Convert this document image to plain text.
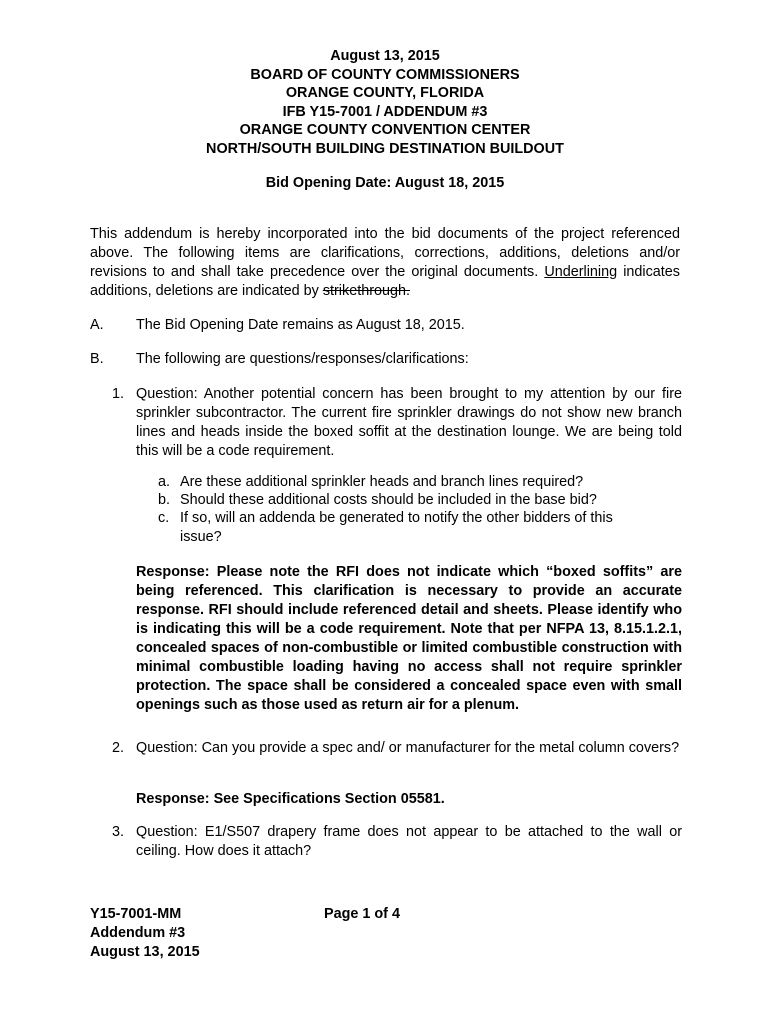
August 13, 2015
BOARD OF COUNTY COMMISSIONERS
ORANGE COUNTY, FLORIDA
IFB Y15-7001 / ADDENDUM #3
ORANGE COUNTY CONVENTION CENTER
NORTH/SOUTH BUILDING DESTINATION BUILDOUT
Bid Opening Date: August 18, 2015
This addendum is hereby incorporated into the bid documents of the project referenced above. The following items are clarifications, corrections, additions, deletions and/or revisions to and shall take precedence over the original documents. Underlining indicates additions, deletions are indicated by strikethrough.
A. The Bid Opening Date remains as August 18, 2015.
B. The following are questions/responses/clarifications:
1. Question: Another potential concern has been brought to my attention by our fire sprinkler subcontractor. The current fire sprinkler drawings do not show new branch lines and heads inside the boxed soffit at the destination lounge. We are being told this will be a code requirement.
a. Are these additional sprinkler heads and branch lines required?
b. Should these additional costs should be included in the base bid?
c. If so, will an addenda be generated to notify the other bidders of this issue?
Response: Please note the RFI does not indicate which “boxed soffits” are being referenced. This clarification is necessary to provide an accurate response. RFI should include referenced detail and sheets. Please identify who is indicating this will be a code requirement. Note that per NFPA 13, 8.15.1.2.1, concealed spaces of non-combustible or limited combustible construction with minimal combustible loading having no access shall not require sprinkler protection. The space shall be considered a concealed space even with small openings such as those used as return air for a plenum.
2. Question: Can you provide a spec and/ or manufacturer for the metal column covers?
Response: See Specifications Section 05581.
3. Question: E1/S507 drapery frame does not appear to be attached to the wall or ceiling. How does it attach?
Y15-7001-MM
Addendum #3
August 13, 2015
Page 1 of 4
